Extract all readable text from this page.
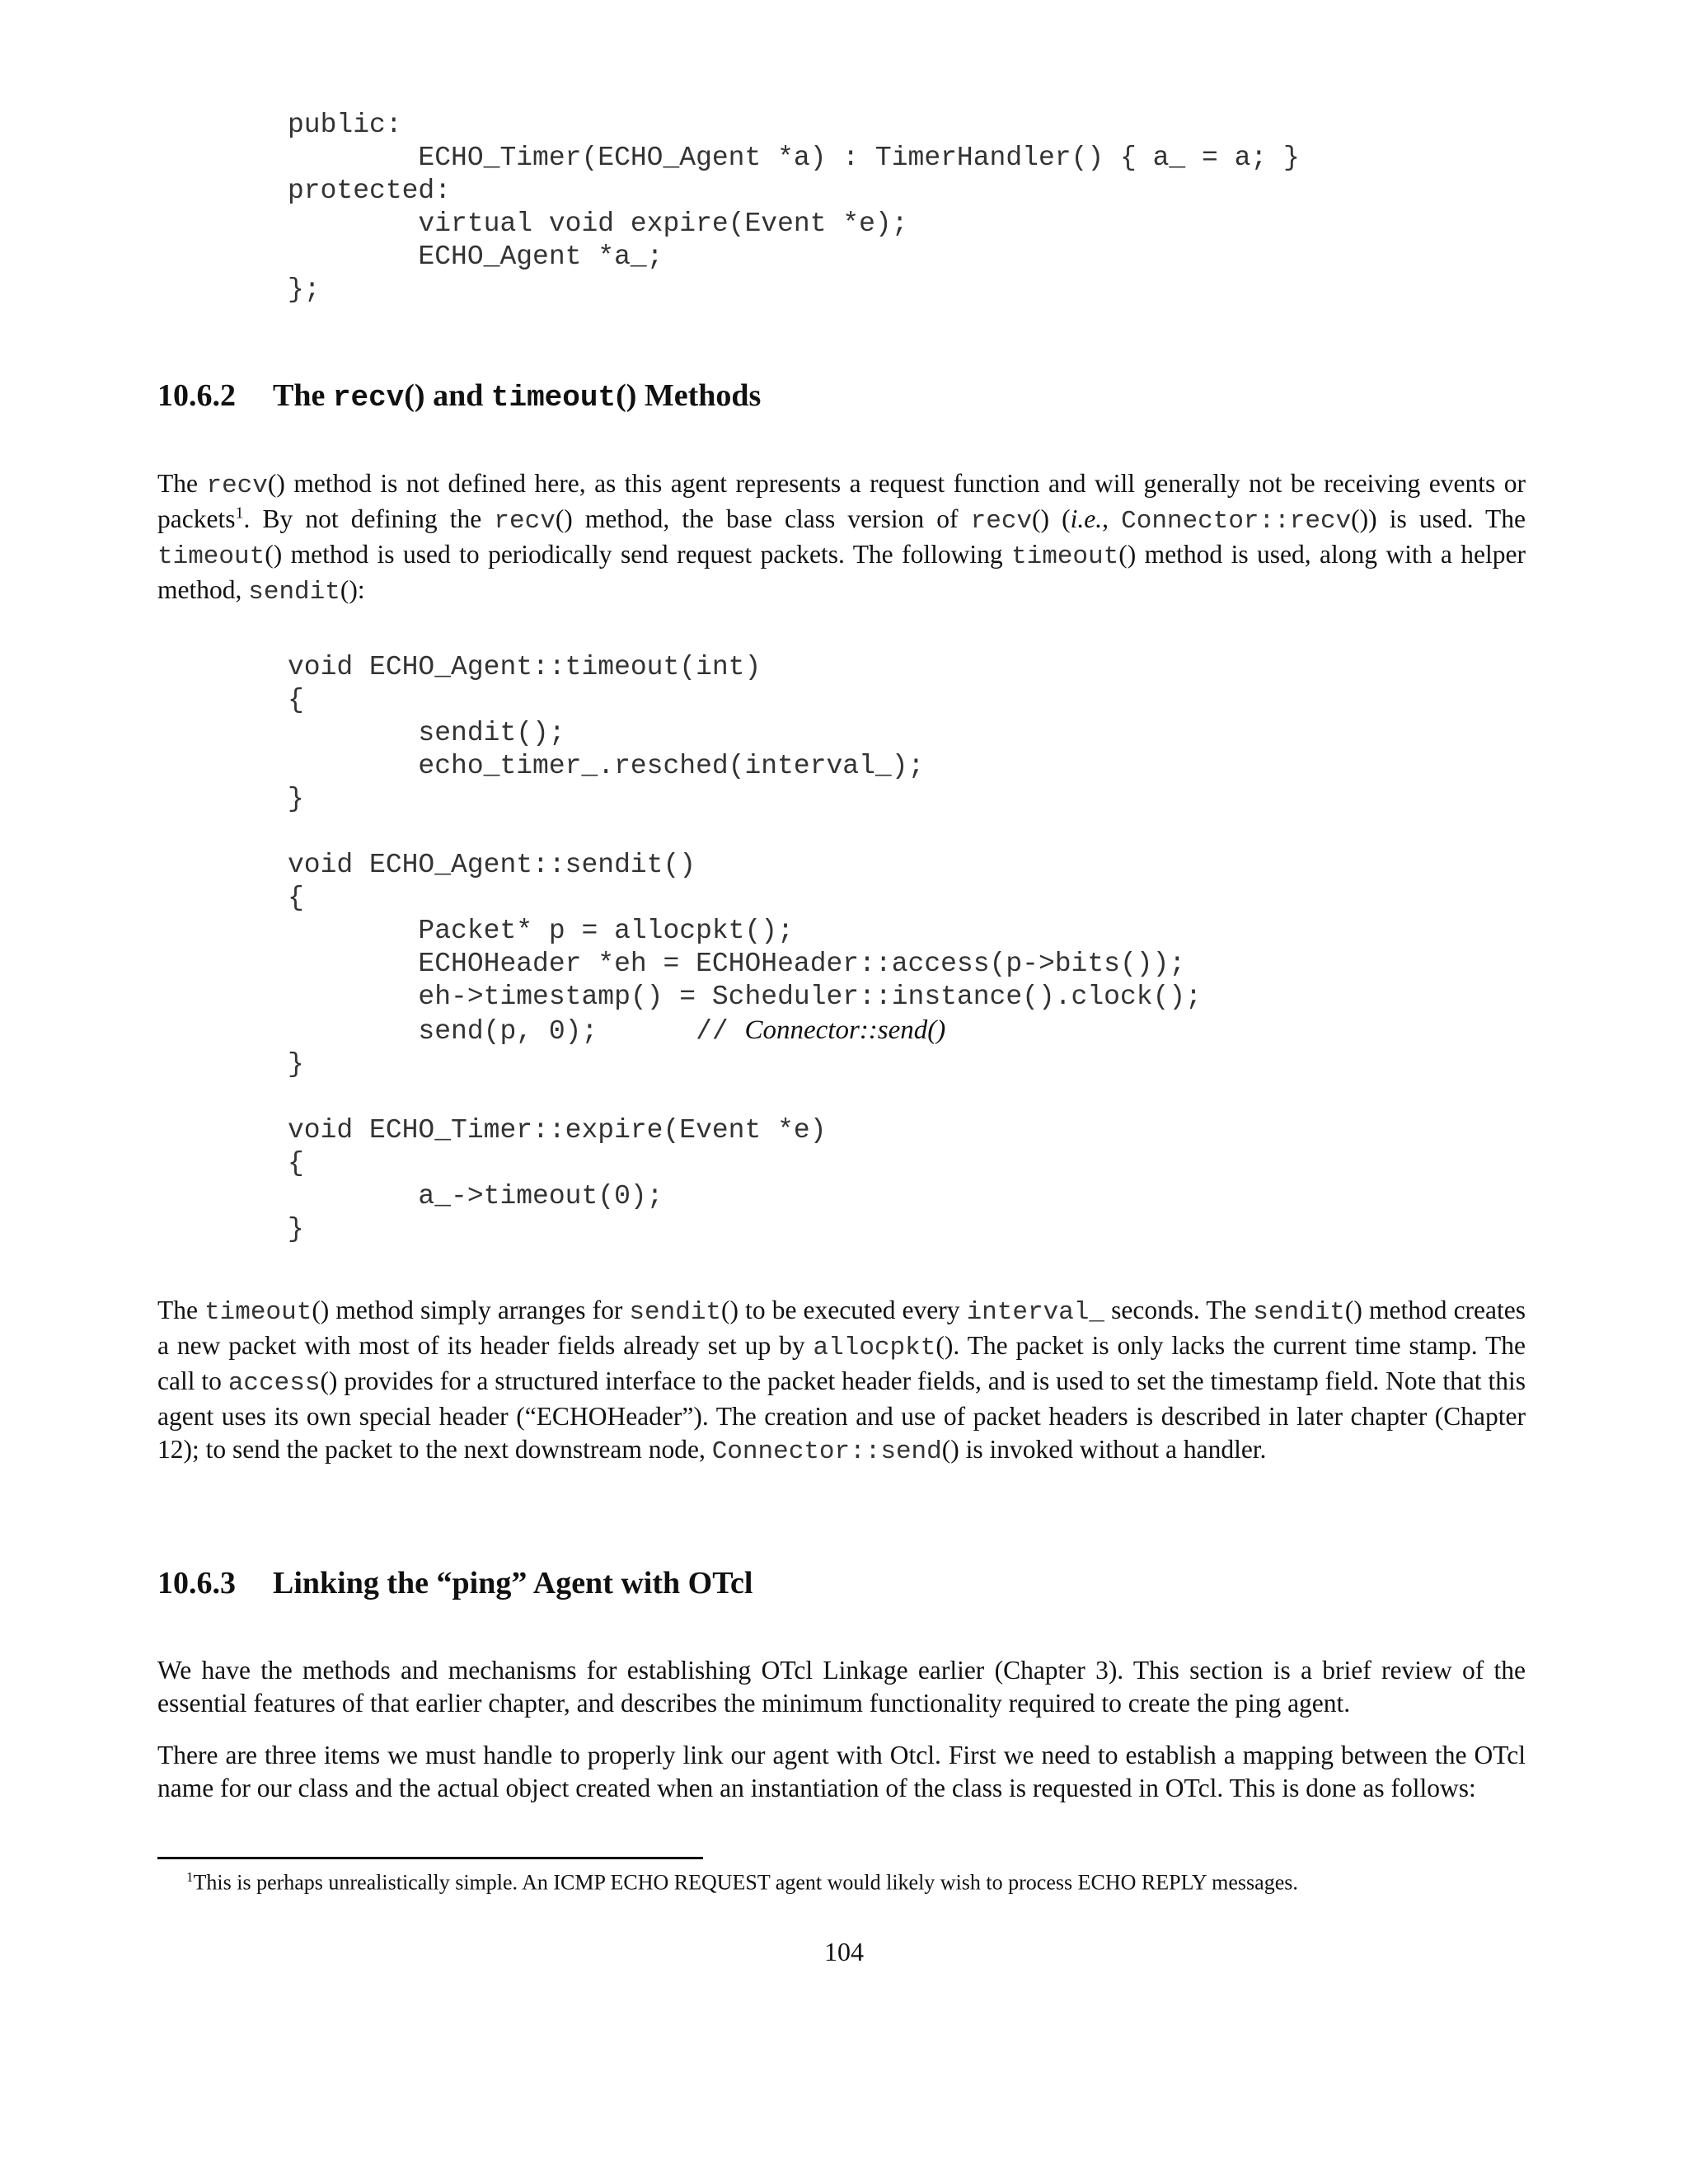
public:
ECHO_Timer(ECHO_Agent *a) : TimerHandler() { a_ = a; }
protected:
virtual void expire(Event *e);
ECHO_Agent *a_;
};
10.6.2 The recv() and timeout() Methods

The recv() method is not defined here, as this agent represents a request function and will generally not be receiving events or packets$^1$. By not defining the recv() method, the base class version of recv() (i.e., Connector::recv()) is used. The timeout() method is used to periodically send request packets. The following timeout() method is used, along with a helper method, sendit():

void ECHO_Agent::timeout(int)
{
sendit();
echo_timer_.resched(interval_);
}

void ECHO_Agent::sendit()
{
Packet* p = allocpkt();
ECHOHeader *eh = ECHOHeader::access(p->bits());
eh->timestamp() = Scheduler::instance().clock();
send(p, 0);      // Connector::send()
}

void ECHO_Timer::expire(Event *e)
{
a_->timeout(0);
}

The timeout() method simply arranges for sendit() to be executed every interval_ seconds. The sendit() method creates a new packet with most of its header fields already set up by allocpkt(). The packet is only lacks the current time stamp. The call to access() provides for a structured interface to the packet header fields, and is used to set the timestamp field. Note that this agent uses its own special header (“ECHOHeader”). The creation and use of packet headers is described in later chapter (Chapter 12); to send the packet to the next downstream node, Connector::send() is invoked without a handler.

10.6.3 Linking the “ping” Agent with OTcl

We have the methods and mechanisms for establishing OTcl Linkage earlier (Chapter 3). This section is a brief review of the essential features of that earlier chapter, and describes the minimum functionality required to create the ping agent.

There are three items we must handle to properly link our agent with Otcl. First we need to establish a mapping between the OTcl name for our class and the actual object created when an instantiation of the class is requested in OTcl. This is done as follows:

$^1$This is perhaps unrealistically simple. An ICMP ECHO REQUEST agent would likely wish to process ECHO REPLY messages.

104
